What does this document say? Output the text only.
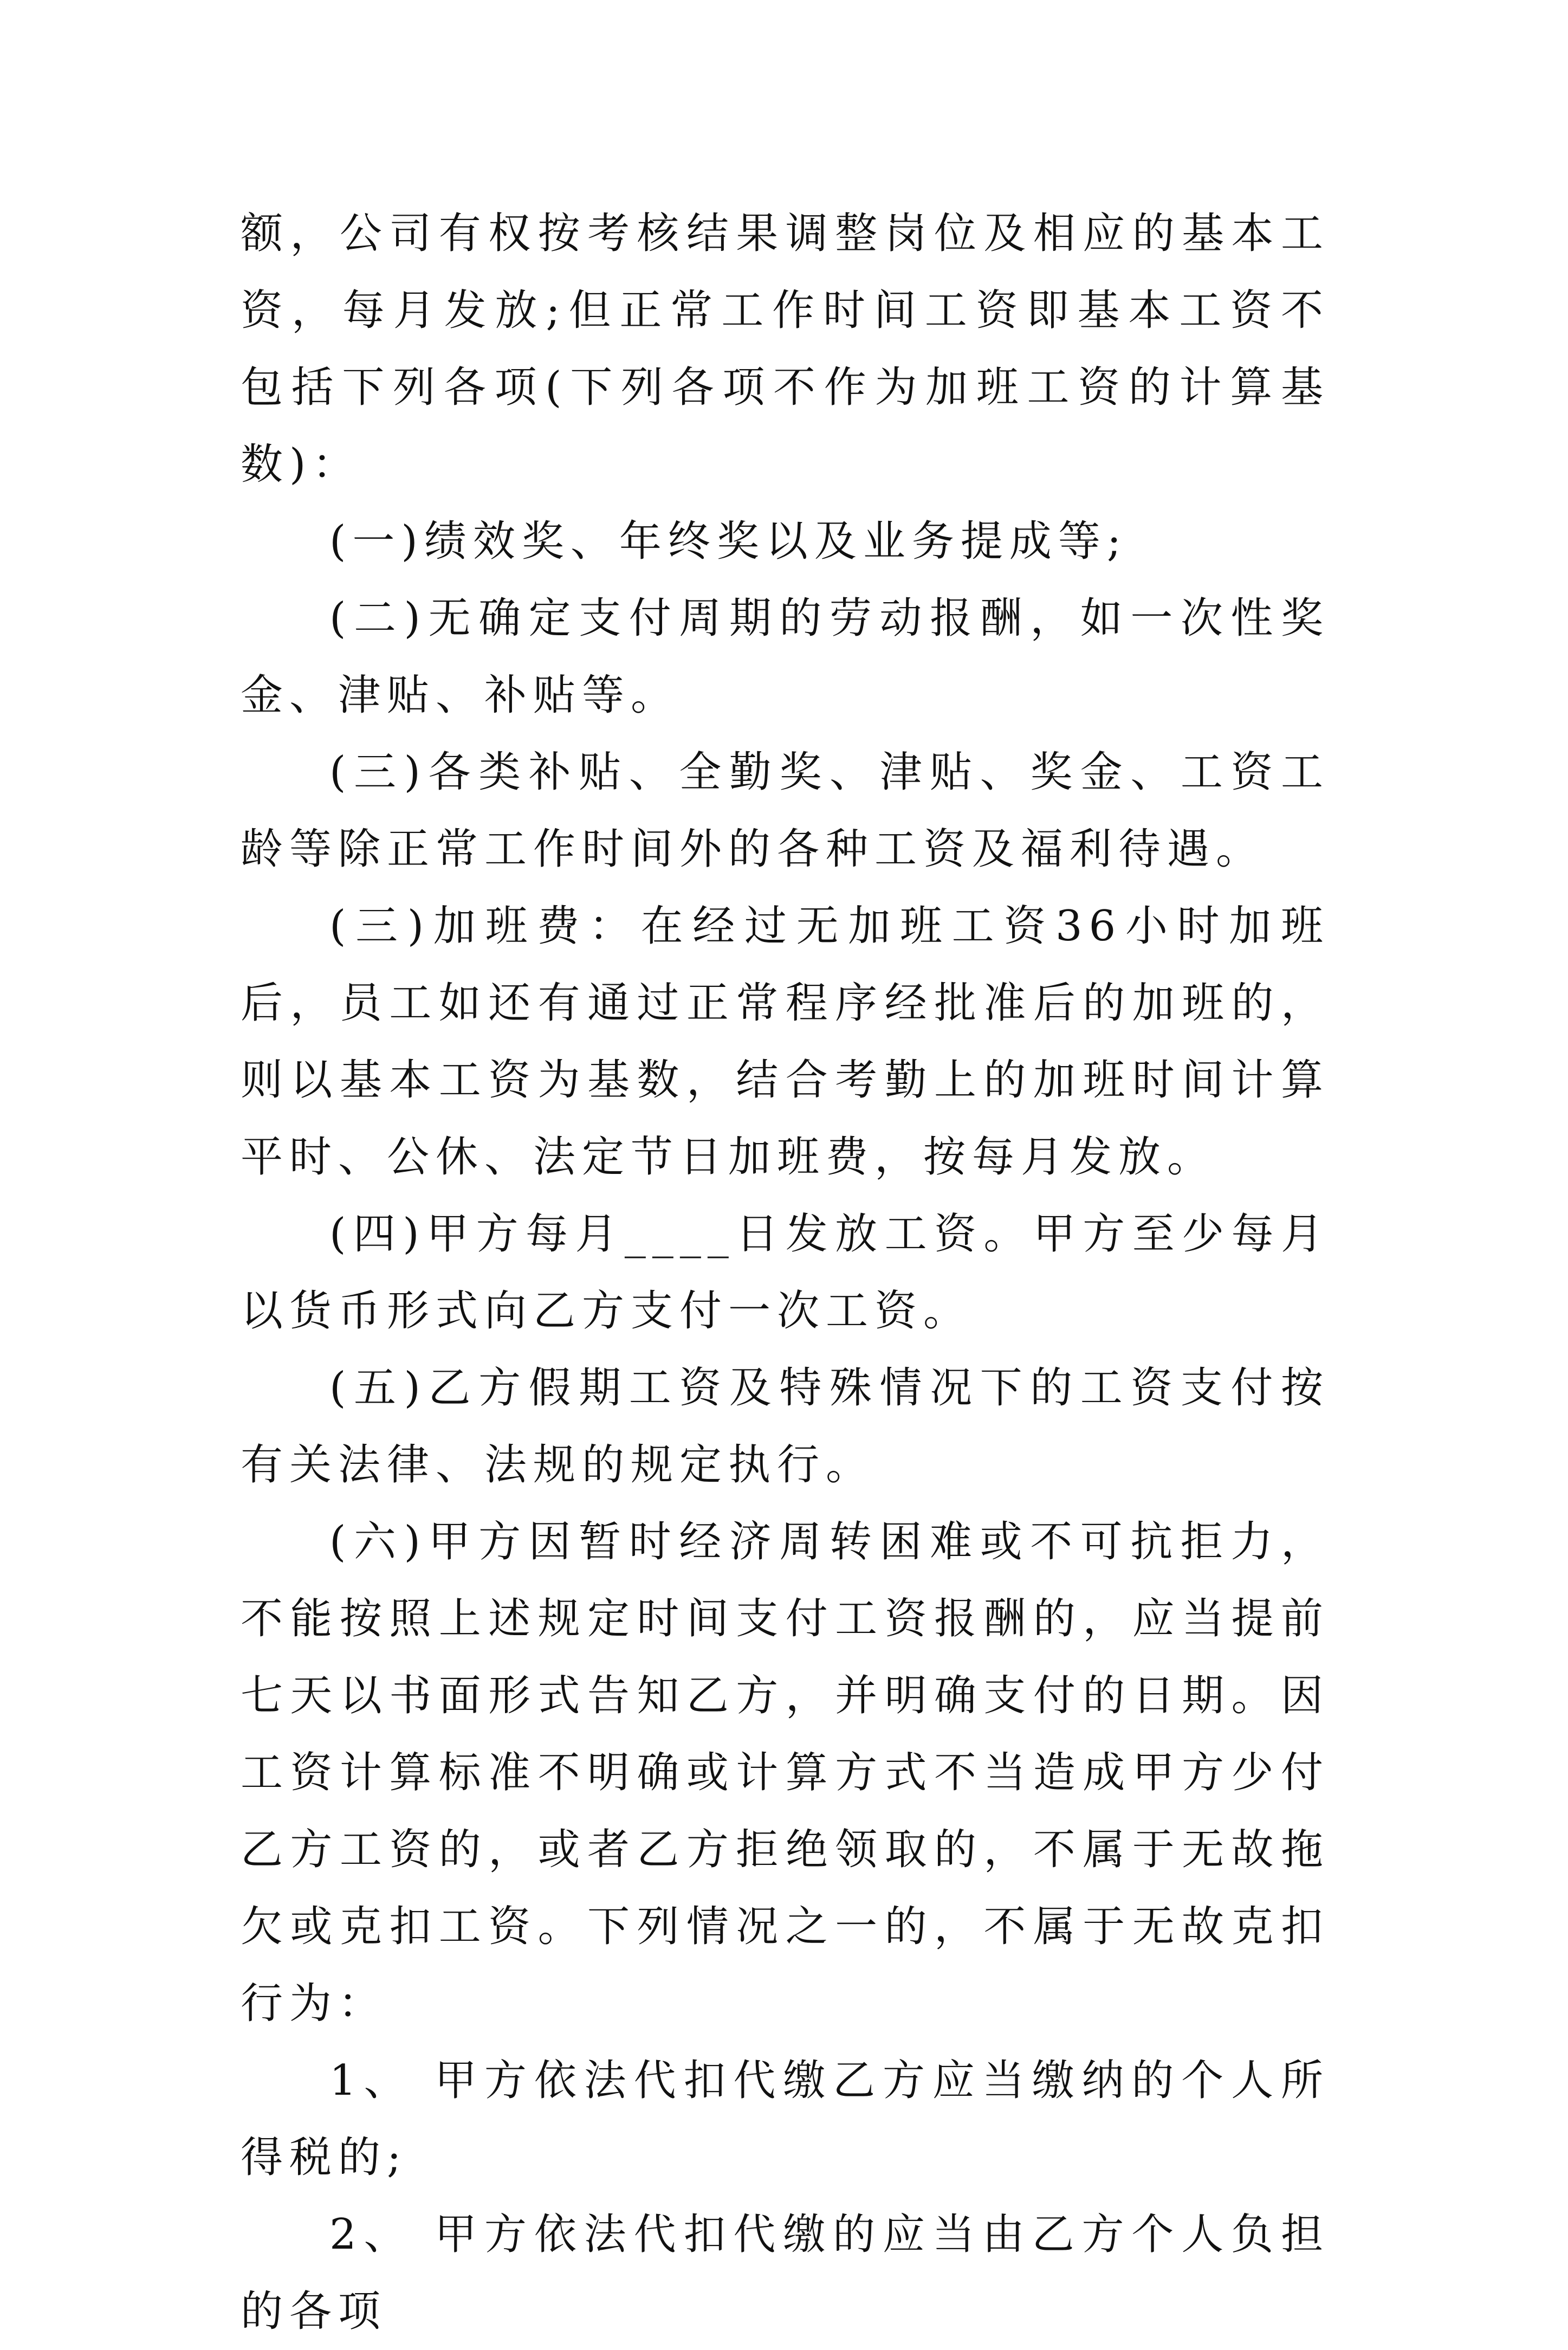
额，公司有权按考核结果调整岗位及相应的基本工资，每月发放;但正常工作时间工资即基本工资不包括下列各项(下列各项不作为加班工资的计算基数)：

(一)绩效奖、年终奖以及业务提成等;

(二)无确定支付周期的劳动报酬，如一次性奖金、津贴、补贴等。

(三)各类补贴、全勤奖、津贴、奖金、工资工龄等除正常工作时间外的各种工资及福利待遇。

(三)加班费：在经过无加班工资36小时加班后，员工如还有通过正常程序经批准后的加班的，则以基本工资为基数，结合考勤上的加班时间计算平时、公休、法定节日加班费，按每月发放。

(四)甲方每月____日发放工资。甲方至少每月以货币形式向乙方支付一次工资。

(五)乙方假期工资及特殊情况下的工资支付按有关法律、法规的规定执行。

(六)甲方因暂时经济周转困难或不可抗拒力，不能按照上述规定时间支付工资报酬的，应当提前七天以书面形式告知乙方，并明确支付的日期。因工资计算标准不明确或计算方式不当造成甲方少付乙方工资的，或者乙方拒绝领取的，不属于无故拖欠或克扣工资。下列情况之一的，不属于无故克扣行为：

1、 甲方依法代扣代缴乙方应当缴纳的个人所得税的;

2、 甲方依法代扣代缴的应当由乙方个人负担的各项
